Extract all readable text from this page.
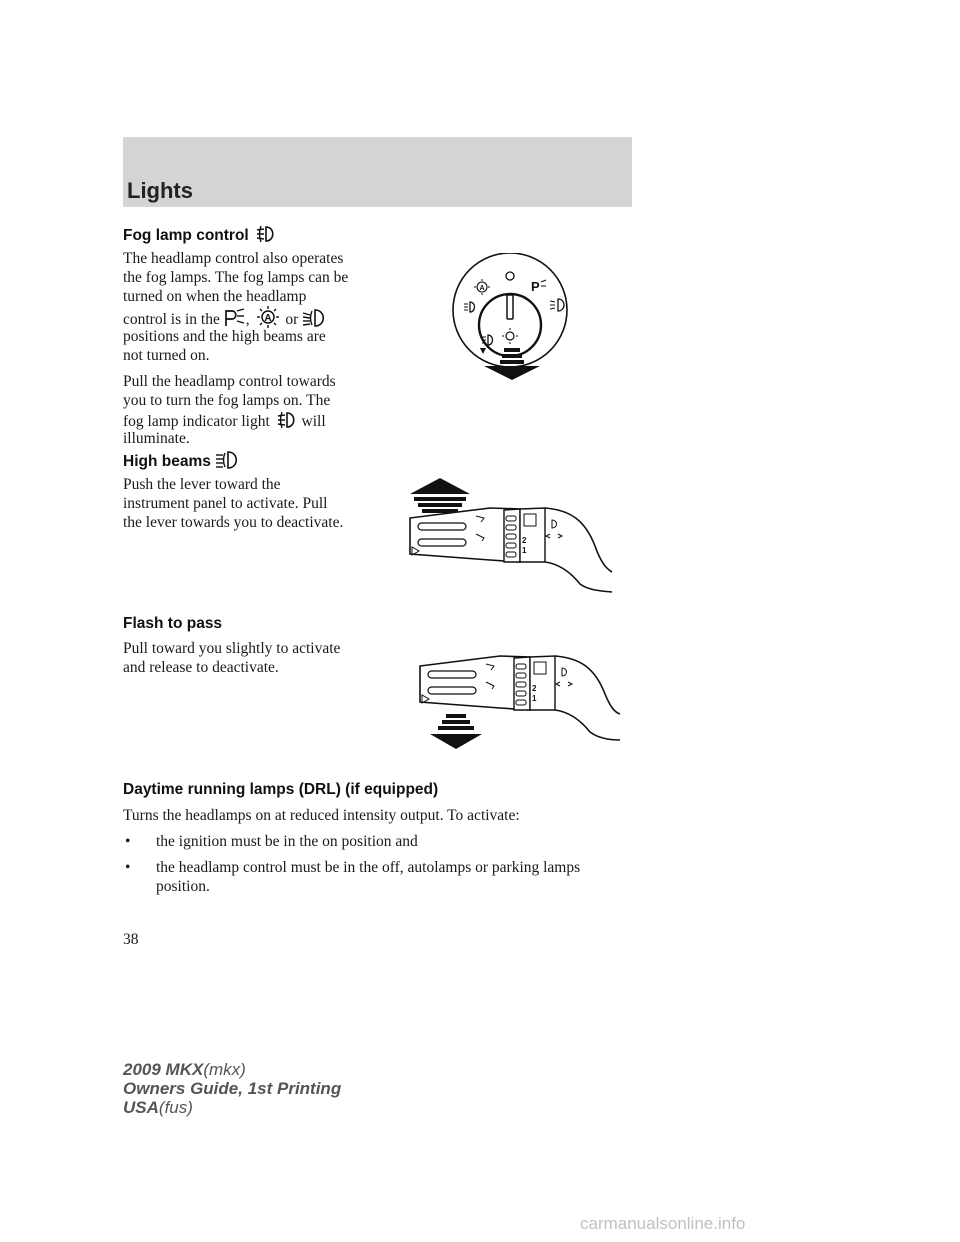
Lights
Fog lamp control
The headlamp control also operates
the fog lamps. The fog lamps can be
turned on when the headlamp
control is in the , A or
positions and the high beams are
not turned on.
Pull the headlamp control towards
you to turn the fog lamps on. The
fog lamp indicator light will
illuminate.
A	P
High beams
Push the lever toward the
instrument panel to activate. Pull
the lever towards you to deactivate.
2
1
Flash to pass
Pull toward you slightly to activate
and release to deactivate.
2
1
Daytime running lamps (DRL) (if equipped)
Turns the headlamps on at reduced intensity output. To activate:
• the ignition must be in the on position and
• the headlamp control must be in the off, autolamps or parking lamps
position.
38
2009 MKX(mkx)
Owners Guide, 1st Printing
USA(fus)
carmanualsonline.info
